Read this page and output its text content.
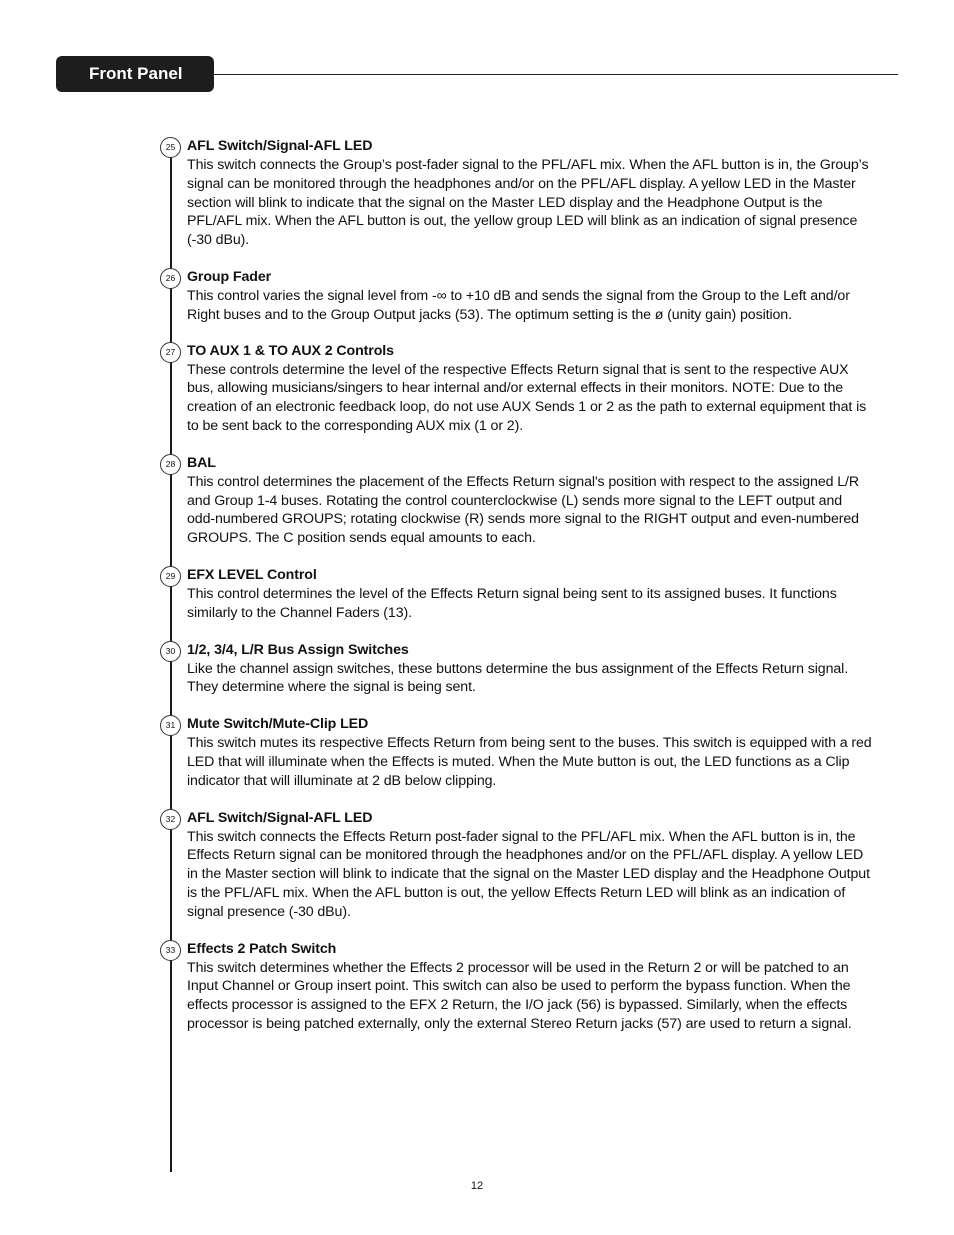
Front Panel
25 AFL Switch/Signal-AFL LED

This switch connects the Group’s post-fader signal to the PFL/AFL mix. When the AFL button is in, the Group’s signal can be monitored through the headphones and/or on the PFL/AFL display. A yellow LED in the Master section will blink to indicate that the signal on the Master LED display and the Headphone Output is the PFL/AFL mix. When the AFL button is out, the yellow group LED will blink as an indication of signal presence (-30 dBu).

26 Group Fader

This control varies the signal level from -∞ to +10 dB and sends the signal from the Group to the Left and/or Right buses and to the Group Output jacks (53). The optimum setting is the ø (unity gain) position.

27 TO AUX 1 & TO AUX 2 Controls

These controls determine the level of the respective Effects Return signal that is sent to the respective AUX bus, allowing musicians/singers to hear internal and/or external effects in their monitors. NOTE: Due to the creation of an electronic feedback loop, do not use AUX Sends 1 or 2 as the path to external equipment that is to be sent back to the corresponding AUX mix (1 or 2).

28 BAL

This control determines the placement of the Effects Return signal's position with respect to the assigned L/R and Group 1-4 buses. Rotating the control counterclockwise (L) sends more signal to the LEFT output and odd-numbered GROUPS; rotating clockwise (R) sends more signal to the RIGHT output and even-numbered GROUPS. The C position sends equal amounts to each.

29 EFX LEVEL Control

This control determines the level of the Effects Return signal being sent to its assigned buses. It functions similarly to the Channel Faders (13).

30 1/2, 3/4, L/R Bus Assign Switches

Like the channel assign switches, these buttons determine the bus assignment of the Effects Return signal. They determine where the signal is being sent.

31 Mute Switch/Mute-Clip LED

This switch mutes its respective Effects Return from being sent to the buses. This switch is equipped with a red LED that will illuminate when the Effects is muted. When the Mute button is out, the LED functions as a Clip indicator that will illuminate at 2 dB below clipping.

32 AFL Switch/Signal-AFL LED

This switch connects the Effects Return post-fader signal to the PFL/AFL mix. When the AFL button is in, the Effects Return signal can be monitored through the headphones and/or on the PFL/AFL display. A yellow LED in the Master section will blink to indicate that the signal on the Master LED display and the Headphone Output is the PFL/AFL mix. When the AFL button is out, the yellow Effects Return LED will blink as an indication of signal presence (-30 dBu).

33 Effects 2 Patch Switch

This switch determines whether the Effects 2 processor will be used in the Return 2 or will be patched to an Input Channel or Group insert point. This switch can also be used to perform the bypass function. When the effects processor is assigned to the EFX 2 Return, the I/O jack (56) is bypassed. Similarly, when the effects processor is being patched externally, only the external Stereo Return jacks (57) are used to return a signal.

12
